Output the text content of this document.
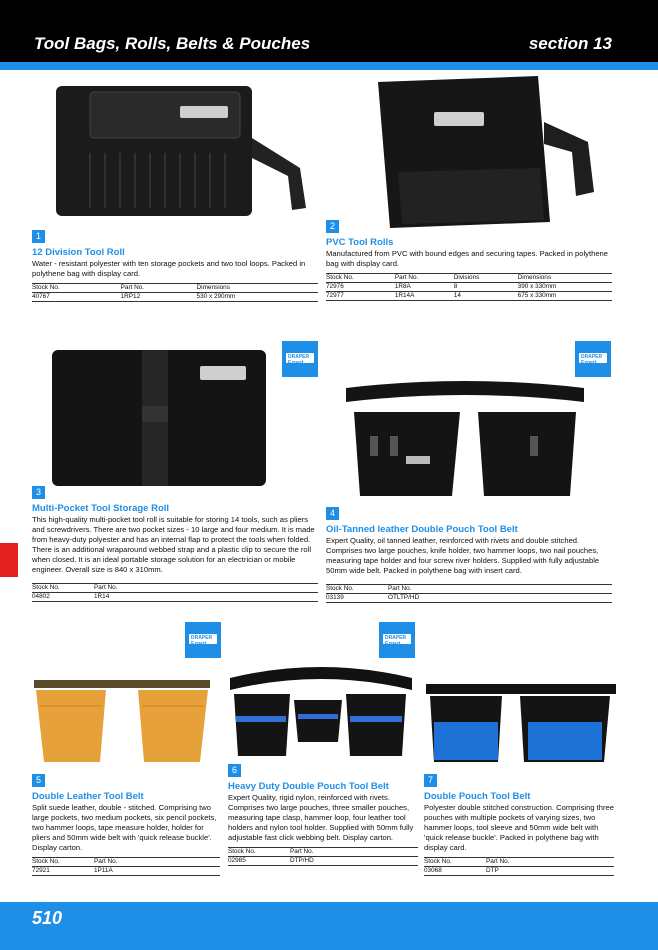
Tool Bags, Rolls, Belts & Pouches	section 13
DRAPER Expert
DRAPER Expert
DRAPER Expert
DRAPER Expert
1
12 Division Tool Roll
Water - resistant polyester with ten storage pockets and two tool loops. Packed in polythene bag with display card.
Stock No.	Part No.	Dimensions
40767	1RP12	530 x 290mm
2
PVC Tool Rolls
Manufactured from PVC with bound edges and securing tapes. Packed in polythene bag with display card.
Stock No.	Part No.	Divisions	Dimensions
72976	1R8A	8	390 x 330mm
72977	1R14A	14	675 x 330mm
3
Multi-Pocket Tool Storage Roll
This high-quality multi-pocket tool roll is suitable for storing 14 tools, such as pliers and screwdrivers. There are two pocket sizes - 10 large and four medium. It is made from heavy-duty polyester and has an internal flap to protect the tools when folded. There is an additional wraparound webbed strap and a plastic clip to secure the roll when closed. It is an ideal portable storage solution for an electrician or mobile engineer. Overall size is 840 x 310mm.
Stock No.	Part No.
04802	1R14
4
Oil-Tanned leather Double Pouch Tool Belt
Expert Quality, oil tanned leather, reinforced with rivets and double stitched. Comprises two large pouches, knife holder, two hammer loops, two nail pouches, measuring tape holder and four screw river holders. Supplied with fully adjustable 50mm wide belt. Packed in polythene bag with insert card.
Stock No.	Part No.
03139	OTLTP/HD
5
Double Leather Tool Belt
Split suede leather, double - stitched. Comprising two large pockets, two medium pockets, six pencil pockets, two hammer loops, tape measure holder, holder for pliers and 50mm wide belt with 'quick release buckle'. Display carton.
Stock No.	Part No.
72921	1P11A
6
Heavy Duty Double Pouch Tool Belt
Expert Quality, rigid nylon, reinforced with rivets. Comprises two large pouches, three smaller pouches, measuring tape clasp, hammer loop, four leather tool holders and nylon tool holder. Supplied with 50mm fully adjustable fast click webbing belt. Display carton.
Stock No.	Part No.
02985	DTP/HD
7
Double Pouch Tool Belt
Polyester double stitched construction. Comprising three pouches with multiple pockets of varying sizes, two hammer loops, tool sleeve and 50mm wide belt with 'quick release buckle'. Packed in polythene bag with display card.
Stock No.	Part No.
03068	DTP
510
